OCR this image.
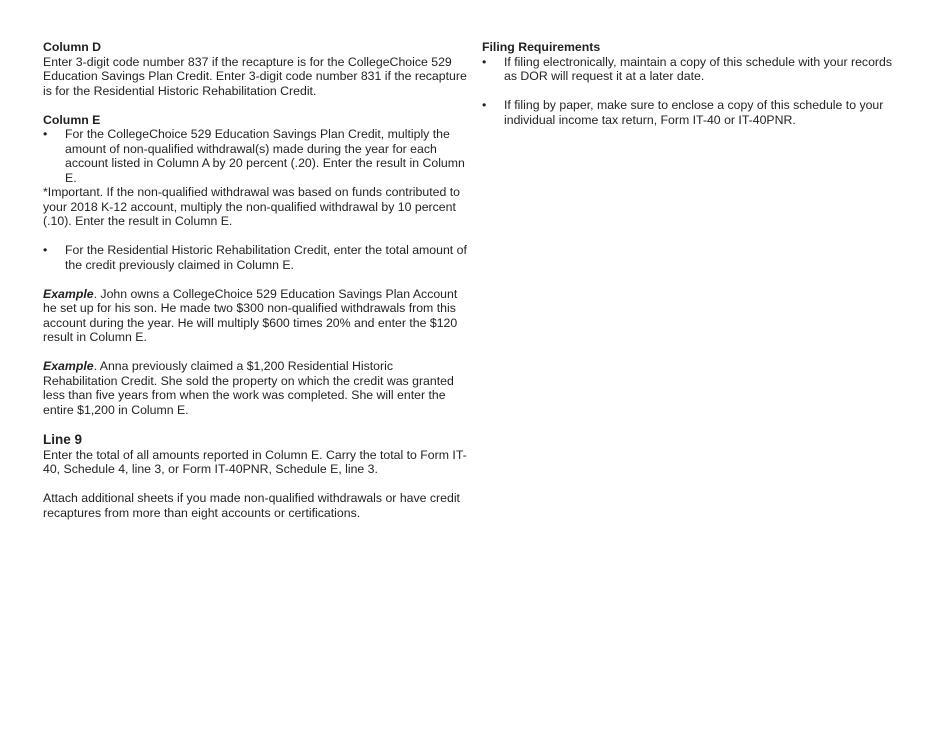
Column D

Enter 3-digit code number 837 if the recapture is for the CollegeChoice 529 Education Savings Plan Credit. Enter 3-digit code number 831 if the recapture is for the Residential Historic Rehabilitation Credit.

Column E

• For the CollegeChoice 529 Education Savings Plan Credit, multiply the amount of non-qualified withdrawal(s) made during the year for each account listed in Column A by 20 percent (.20). Enter the result in Column E.

*Important. If the non-qualified withdrawal was based on funds contributed to your 2018 K-12 account, multiply the non-qualified withdrawal by 10 percent (.10). Enter the result in Column E.

• For the Residential Historic Rehabilitation Credit, enter the total amount of the credit previously claimed in Column E.

Example. John owns a CollegeChoice 529 Education Savings Plan Account he set up for his son. He made two $300 non-qualified withdrawals from this account during the year. He will multiply $600 times 20% and enter the $120 result in Column E.

Example. Anna previously claimed a $1,200 Residential Historic Rehabilitation Credit. She sold the property on which the credit was granted less than five years from when the work was completed. She will enter the entire $1,200 in Column E.

Line 9

Enter the total of all amounts reported in Column E. Carry the total to Form IT-40, Schedule 4, line 3, or Form IT-40PNR, Schedule E, line 3.

Attach additional sheets if you made non-qualified withdrawals or have credit recaptures from more than eight accounts or certifications.

Filing Requirements

• If filing electronically, maintain a copy of this schedule with your records as DOR will request it at a later date.
• If filing by paper, make sure to enclose a copy of this schedule to your individual income tax return, Form IT-40 or IT-40PNR.
